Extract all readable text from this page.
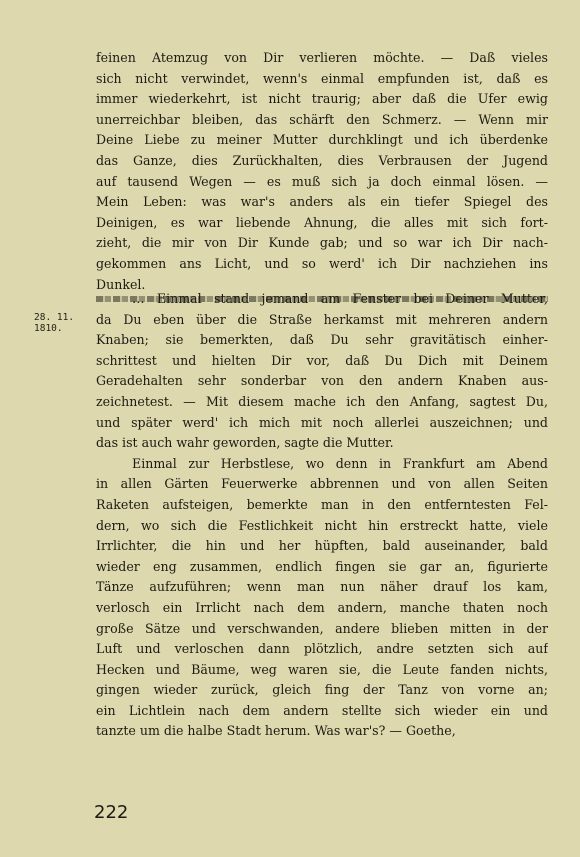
feinen Atemzug von Dir verlieren möchte. — Daß vieles
sich nicht verwindet, wenn's einmal empfunden ist, daß es
immer wiederkehrt, ist nicht traurig; aber daß die Ufer ewig
unerreichbar bleiben, das schärft den Schmerz. — Wenn mir
Deine Liebe zu meiner Mutter durchklingt und ich überdenke
das Ganze, dies Zurückhalten, dies Verbrausen der Jugend
auf tausend Wegen — es muß sich ja doch einmal lösen. —
Mein Leben: was war's anders als ein tiefer Spiegel des
Deinigen, es war liebende Ahnung, die alles mit sich fort-
zieht, die mir von Dir Kunde gab; und so war ich Dir nach-
gekommen ans Licht, und so werd' ich Dir nachziehen ins
Dunkel.
28. 11.
1810.
… Einmal stand jemand am Fenster bei Deiner Mutter,
da Du eben über die Straße herkamst mit mehreren andern
Knaben; sie bemerkten, daß Du sehr gravitätisch einher-
schrittest und hielten Dir vor, daß Du Dich mit Deinem
Geradehalten sehr sonderbar von den andern Knaben aus-
zeichnetest. — Mit diesem mache ich den Anfang, sagtest Du,
und später werd' ich mich mit noch allerlei auszeichnen; und
das ist auch wahr geworden, sagte die Mutter.
Einmal zur Herbstlese, wo denn in Frankfurt am Abend
in allen Gärten Feuerwerke abbrennen und von allen Seiten
Raketen aufsteigen, bemerkte man in den entferntesten Fel-
dern, wo sich die Festlichkeit nicht hin erstreckt hatte, viele
Irrlichter, die hin und her hüpften, bald auseinander, bald
wieder eng zusammen, endlich fingen sie gar an, figurierte
Tänze aufzuführen; wenn man nun näher drauf los kam,
verlosch ein Irrlicht nach dem andern, manche thaten noch
große Sätze und verschwanden, andere blieben mitten in der
Luft und verloschen dann plötzlich, andre setzten sich auf
Hecken und Bäume, weg waren sie, die Leute fanden nichts,
gingen wieder zurück, gleich fing der Tanz von vorne an;
ein Lichtlein nach dem andern stellte sich wieder ein und
tanzte um die halbe Stadt herum. Was war's? — Goethe,
222
